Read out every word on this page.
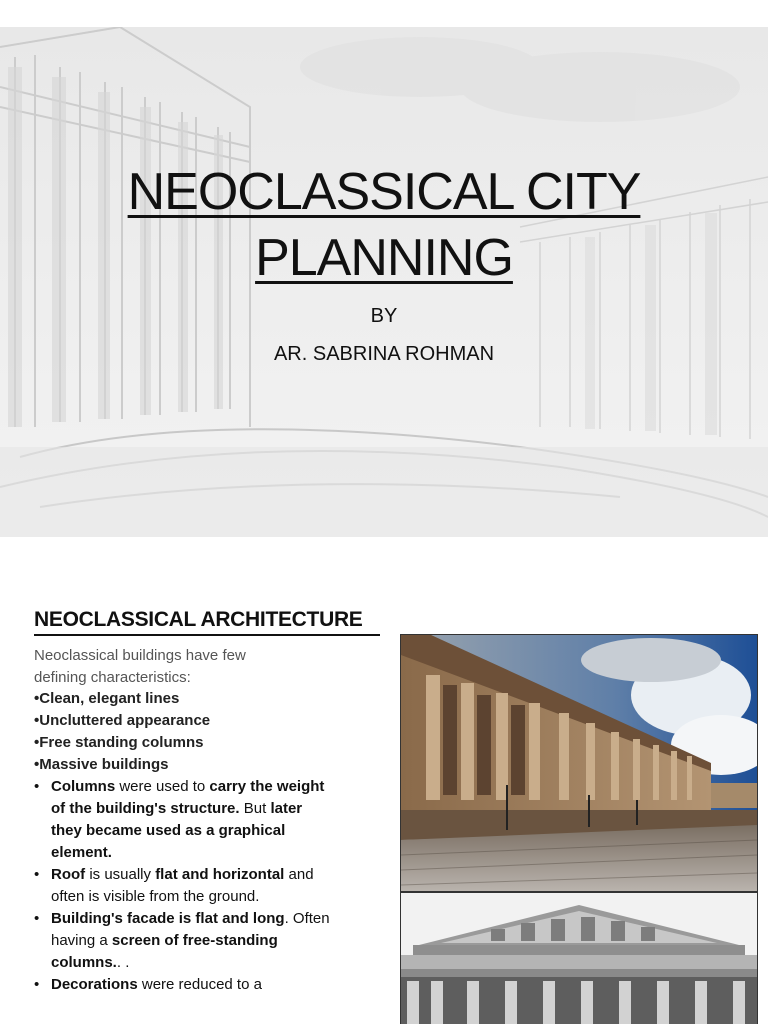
NEOCLASSICAL CITY
PLANNING
BY
AR. SABRINA ROHMAN
NEOCLASSICAL ARCHITECTURE
Neoclassical buildings have few defining characteristics:
•Clean, elegant lines
•Uncluttered appearance
•Free standing columns
•Massive buildings
• Columns were used to carry the weight of the building's structure. But later they became used as a graphical element.
• Roof is usually flat and horizontal and often is visible from the ground.
• Building's facade is flat and long. Often having a screen of free-standing columns.. .
• Decorations were reduced to a
